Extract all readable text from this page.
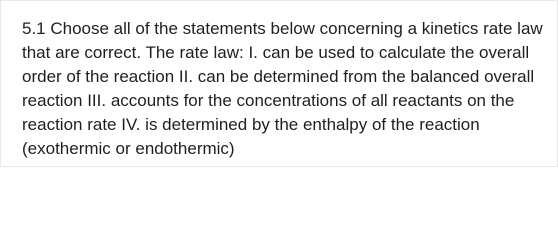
5.1 Choose all of the statements below concerning a kinetics rate law that are correct. The rate law: I. can be used to calculate the overall order of the reaction II. can be determined from the balanced overall reaction III. accounts for the concentrations of all reactants on the reaction rate IV. is determined by the enthalpy of the reaction (exothermic or endothermic)
